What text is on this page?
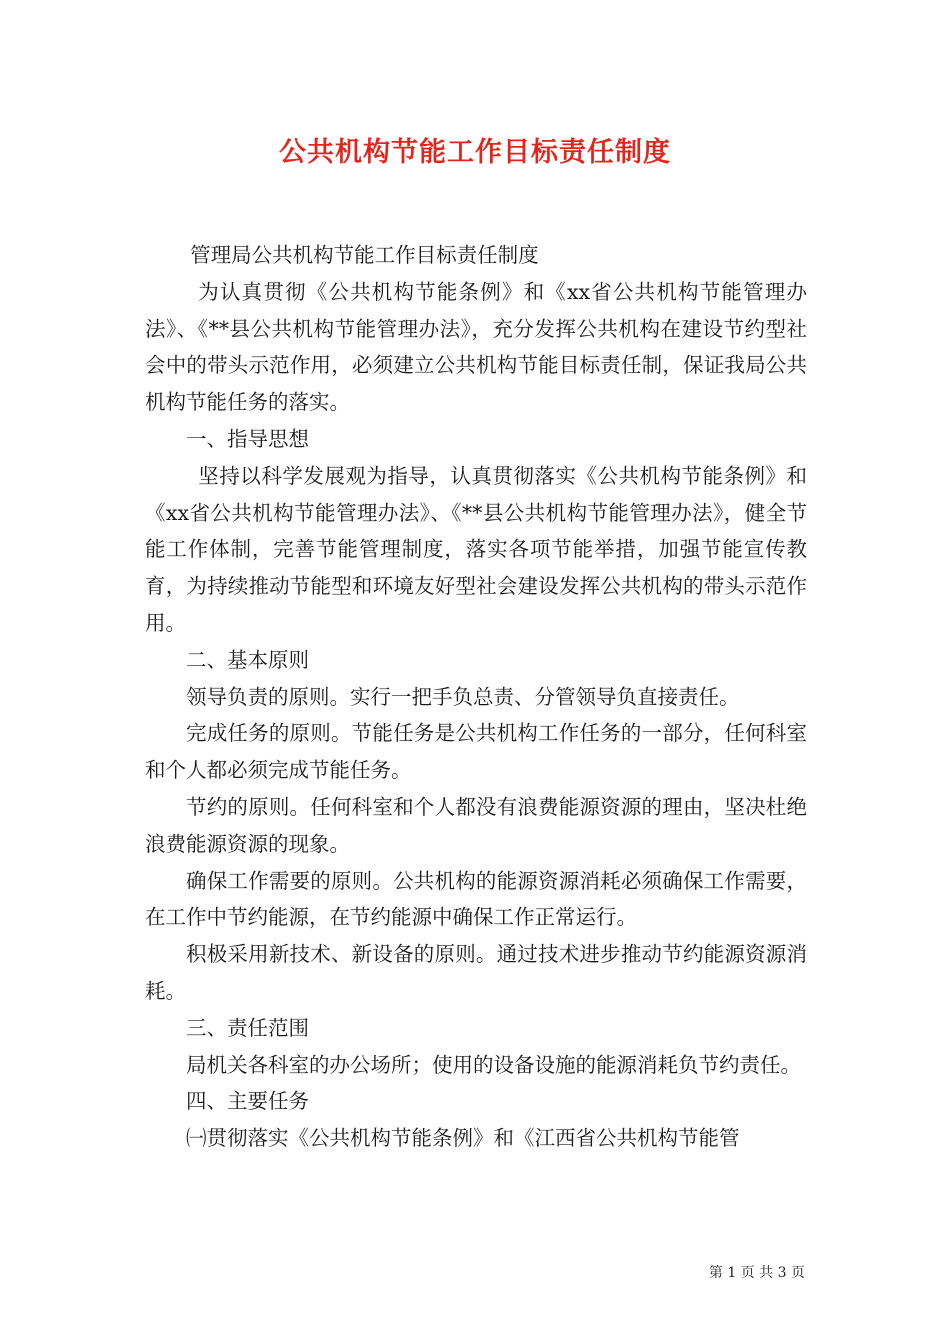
公共机构节能工作目标责任制度

管理局公共机构节能工作目标责任制度

为认真贯彻《公共机构节能条例》和《xx省公共机构节能管理办法》、《**县公共机构节能管理办法》，充分发挥公共机构在建设节约型社会中的带头示范作用，必须建立公共机构节能目标责任制，保证我局公共机构节能任务的落实。

一、指导思想

坚持以科学发展观为指导，认真贯彻落实《公共机构节能条例》和《xx省公共机构节能管理办法》、《**县公共机构节能管理办法》，健全节能工作体制，完善节能管理制度，落实各项节能举措，加强节能宣传教育，为持续推动节能型和环境友好型社会建设发挥公共机构的带头示范作用。

二、基本原则

领导负责的原则。实行一把手负总责、分管领导负直接责任。

完成任务的原则。节能任务是公共机构工作任务的一部分，任何科室和个人都必须完成节能任务。

节约的原则。任何科室和个人都没有浪费能源资源的理由，坚决杜绝浪费能源资源的现象。

确保工作需要的原则。公共机构的能源资源消耗必须确保工作需要，在工作中节约能源，在节约能源中确保工作正常运行。

积极采用新技术、新设备的原则。通过技术进步推动节约能源资源消耗。

三、责任范围

局机关各科室的办公场所；使用的设备设施的能源消耗负节约责任。

四、主要任务

㈠贯彻落实《公共机构节能条例》和《江西省公共机构节能管

第 1 页 共 3 页
